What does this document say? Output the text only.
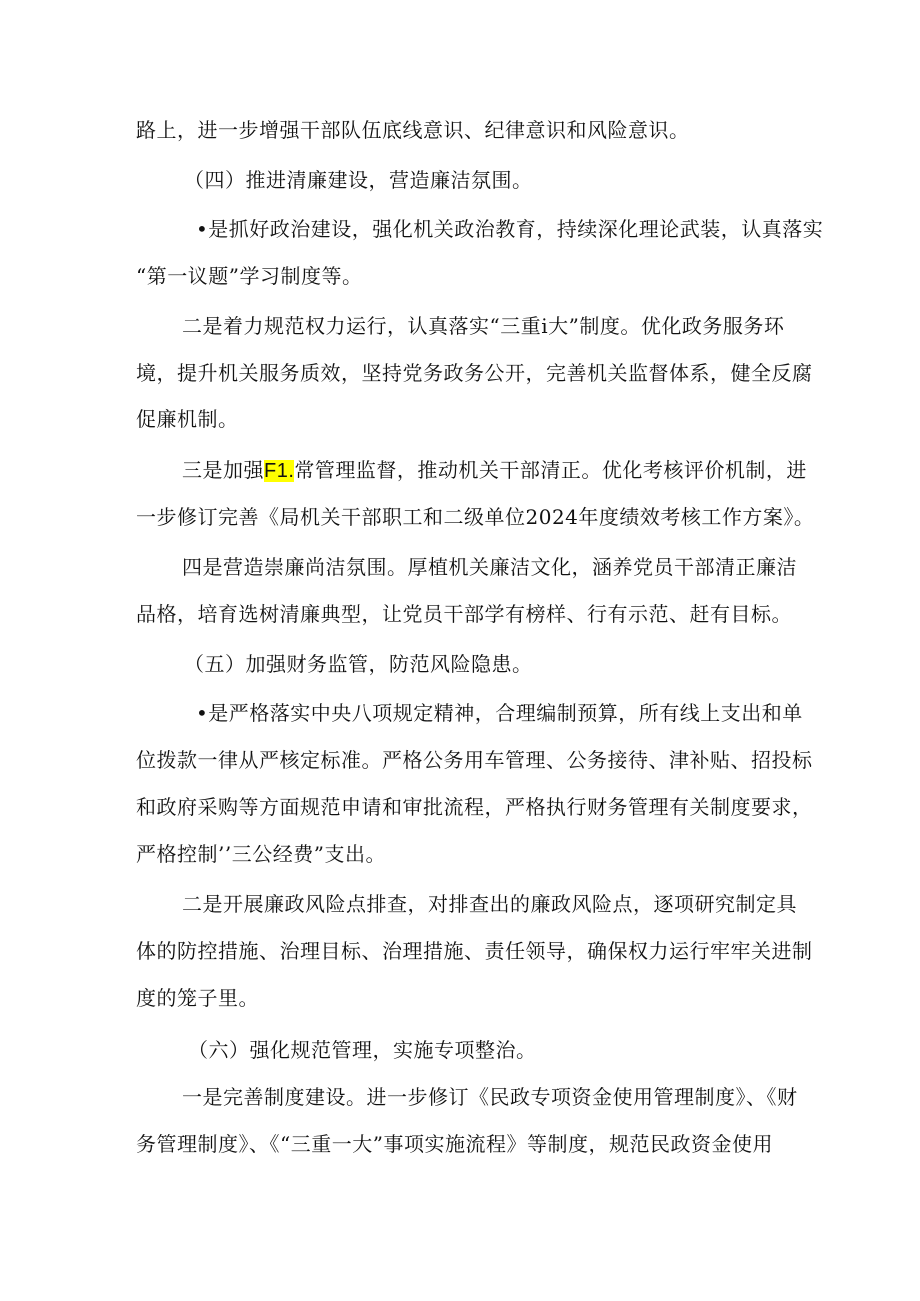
路上，进一步增强干部队伍底线意识、纪律意识和风险意识。
（四）推进清廉建设，营造廉洁氛围。
•是抓好政治建设，强化机关政治教育，持续深化理论武装，认真落实
“第一议题”学习制度等。
二是着力规范权力运行，认真落实“三重i大”制度。优化政务服务环
境，提升机关服务质效，坚持党务政务公开，完善机关监督体系，健全反腐
促廉机制。
三是加强F1.常管理监督，推动机关干部清正。优化考核评价机制，进
一步修订完善《局机关干部职工和二级单位2024年度绩效考核工作方案》。
四是营造崇廉尚洁氛围。厚植机关廉洁文化，涵养党员干部清正廉洁
品格，培育选树清廉典型，让党员干部学有榜样、行有示范、赶有目标。
（五）加强财务监管，防范风险隐患。
•是严格落实中央八项规定精神，合理编制预算，所有线上支出和单
位拨款一律从严核定标准。严格公务用车管理、公务接待、津补贴、招投标
和政府采购等方面规范申请和审批流程，严格执行财务管理有关制度要求，
严格控制’’三公经费”支出。
二是开展廉政风险点排查，对排查出的廉政风险点，逐项研究制定具
体的防控措施、治理目标、治理措施、责任领导，确保权力运行牢牢关进制
度的笼子里。
（六）强化规范管理，实施专项整治。
一是完善制度建设。进一步修订《民政专项资金使用管理制度》、《财
务管理制度》、《“三重一大”事项实施流程》等制度，规范民政资金使用
